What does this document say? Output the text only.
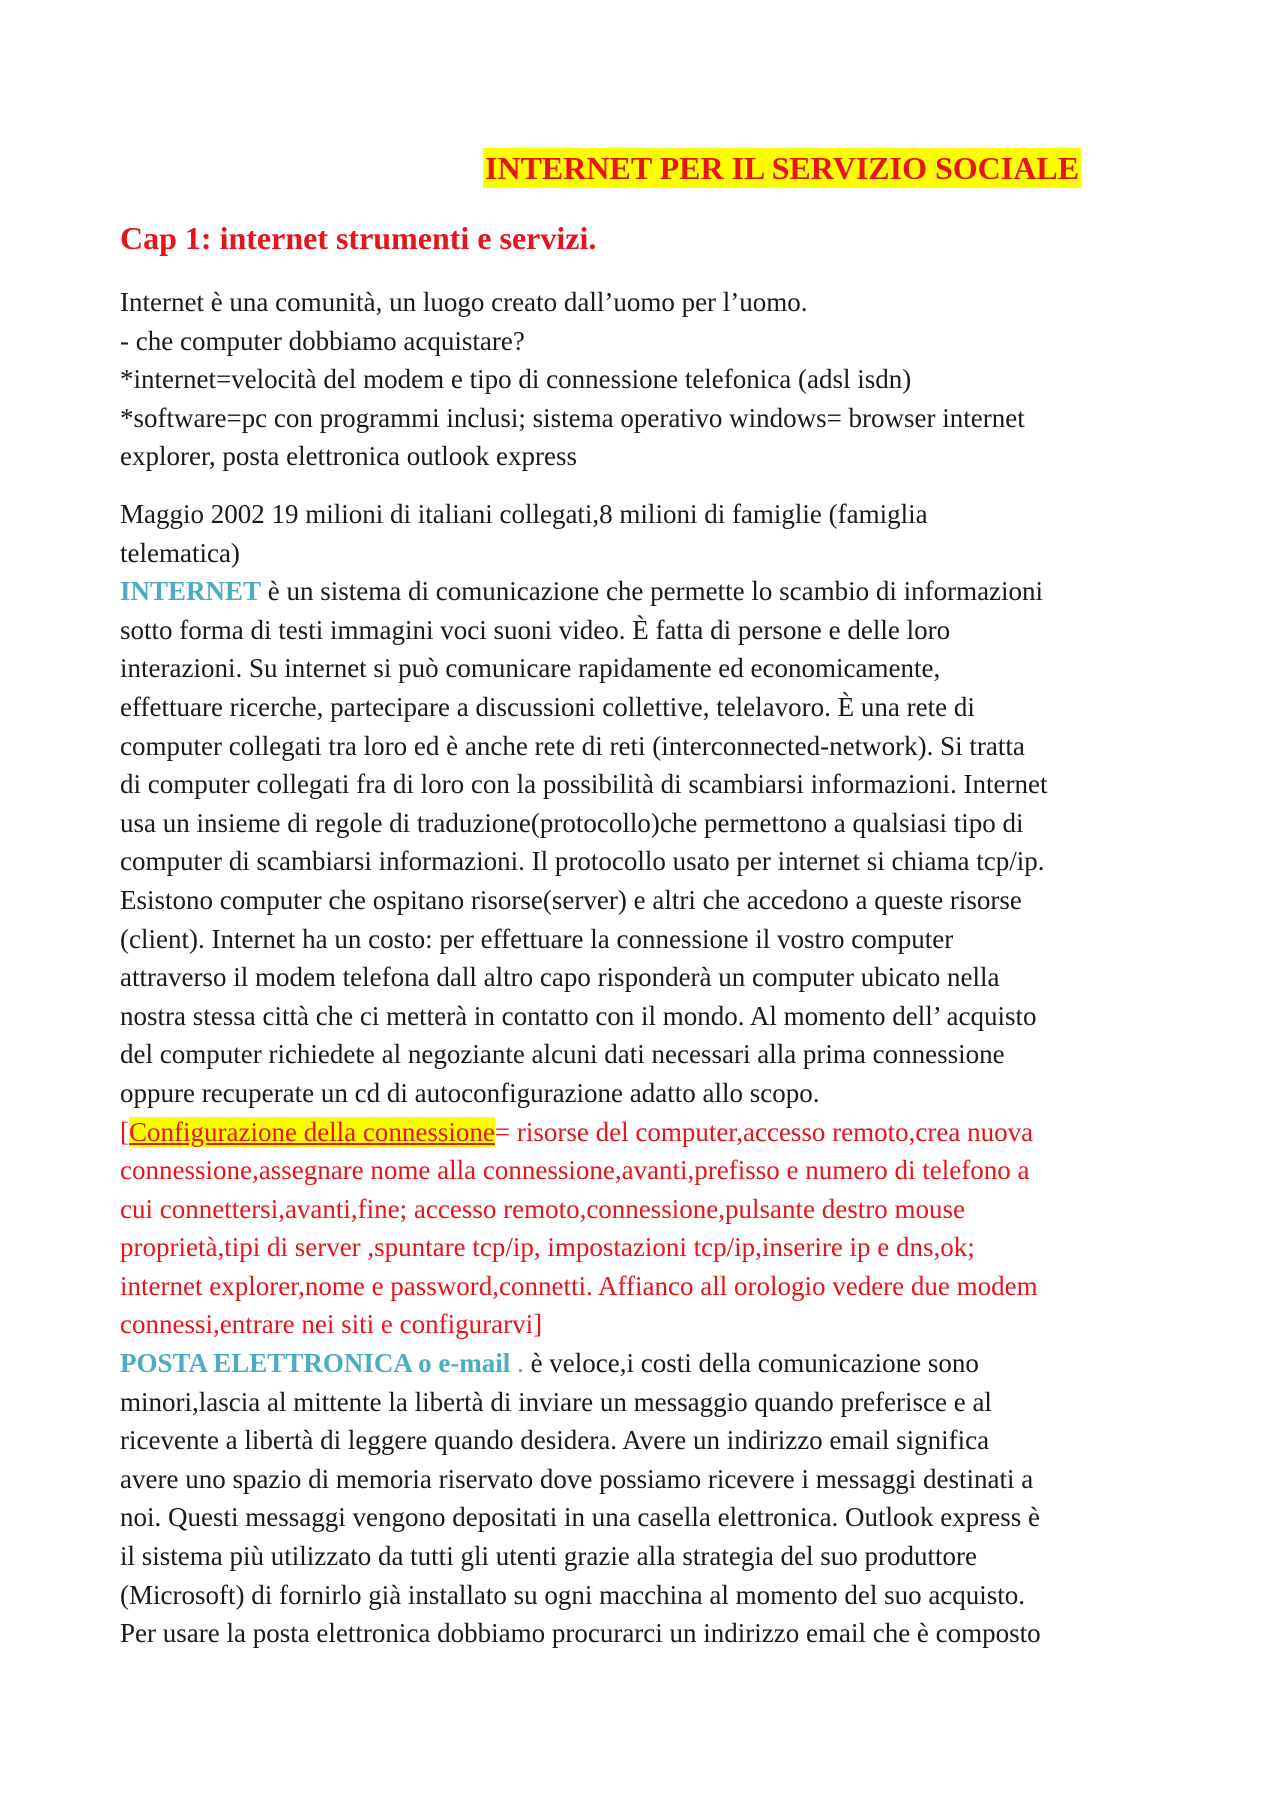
INTERNET PER IL SERVIZIO SOCIALE
Cap 1: internet strumenti e servizi.
Internet è una comunità, un luogo creato dall’uomo per l’uomo.
- che computer dobbiamo acquistare?
*internet=velocità del modem e tipo di connessione telefonica (adsl isdn)
*software=pc con programmi inclusi; sistema operativo windows= browser internet
explorer, posta elettronica outlook express
Maggio 2002 19 milioni di italiani collegati,8 milioni di famiglie (famiglia
telematica)
INTERNET è un sistema di comunicazione che permette lo scambio di informazioni
sotto forma di testi immagini voci suoni video. È fatta di persone e delle loro
interazioni. Su internet si può comunicare rapidamente ed economicamente,
effettuare ricerche, partecipare a discussioni collettive, telelavoro. È una rete di
computer collegati tra loro ed è anche rete di reti (interconnected-network). Si tratta
di computer collegati fra di loro con la possibilità di scambiarsi informazioni. Internet
usa un insieme di regole di traduzione(protocollo)che permettono a qualsiasi tipo di
computer di scambiarsi informazioni. Il protocollo usato per internet si chiama tcp/ip.
Esistono computer che ospitano risorse(server) e altri che accedono a queste risorse
(client). Internet ha un costo: per effettuare la connessione il vostro computer
attraverso il modem telefona dall altro capo risponderà un computer ubicato nella
nostra stessa città che ci metterà in contatto con il mondo. Al momento dell’ acquisto
del computer richiedete al negoziante alcuni dati necessari alla prima connessione
oppure recuperate un cd di autoconfigurazione adatto allo scopo.
[Configurazione della connessione= risorse del computer,accesso remoto,crea nuova
connessione,assegnare nome alla connessione,avanti,prefisso e numero di telefono a
cui connettersi,avanti,fine; accesso remoto,connessione,pulsante destro mouse
proprietà,tipi di server ,spuntare tcp/ip, impostazioni tcp/ip,inserire ip e dns,ok;
internet explorer,nome e password,connetti. Affianco all orologio vedere due modem
connessi,entrare nei siti e configurarvi]
POSTA ELETTRONICA o e-mail . è veloce,i costi della comunicazione sono
minori,lascia al mittente la libertà di inviare un messaggio quando preferisce e al
ricevente a libertà di leggere quando desidera. Avere un indirizzo email significa
avere uno spazio di memoria riservato dove possiamo ricevere i messaggi destinati a
noi. Questi messaggi vengono depositati in una casella elettronica. Outlook express è
il sistema più utilizzato da tutti gli utenti grazie alla strategia del suo produttore
(Microsoft) di fornirlo già installato su ogni macchina al momento del suo acquisto.
Per usare la posta elettronica dobbiamo procurarci un indirizzo email che è composto
